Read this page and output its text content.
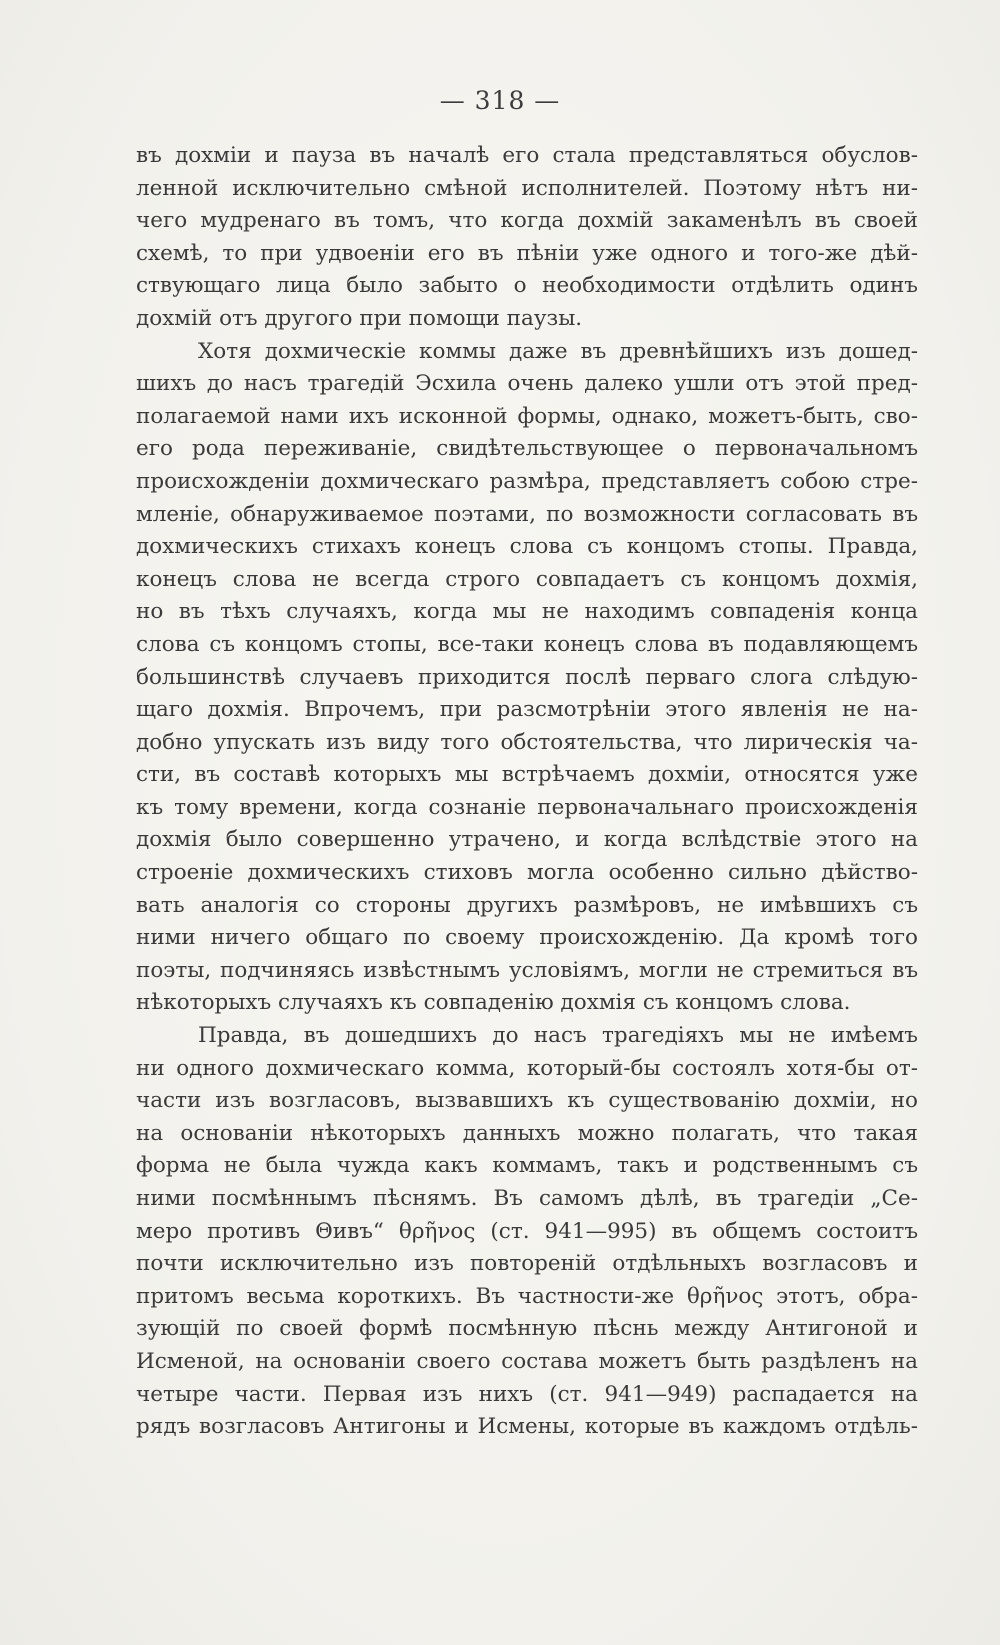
— 318 —
въ дохміи и пауза въ началѣ его стала представляться обуслов-
ленной исключительно смѣной исполнителей. Поэтому нѣтъ ни-
чего мудренаго въ томъ, что когда дохмій закаменѣлъ въ своей
схемѣ, то при удвоеніи его въ пѣніи уже одного и того-же дѣй-
ствующаго лица было забыто о необходимости отдѣлить одинъ
дохмій отъ другого при помощи паузы.
Хотя дохмическіе коммы даже въ древнѣйшихъ изъ дошед-
шихъ до насъ трагедій Эсхила очень далеко ушли отъ этой пред-
полагаемой нами ихъ исконной формы, однако, можетъ-быть, сво-
его рода переживаніе, свидѣтельствующее о первоначальномъ
происхожденіи дохмическаго размѣра, представляетъ собою стре-
мленіе, обнаруживаемое поэтами, по возможности согласовать въ
дохмическихъ стихахъ конецъ слова съ концомъ стопы. Правда,
конецъ слова не всегда строго совпадаетъ съ концомъ дохмія,
но въ тѣхъ случаяхъ, когда мы не находимъ совпаденія конца
слова съ концомъ стопы, все-таки конецъ слова въ подавляющемъ
большинствѣ случаевъ приходится послѣ перваго слога слѣдую-
щаго дохмія. Впрочемъ, при разсмотрѣніи этого явленія не на-
добно упускать изъ виду того обстоятельства, что лирическія ча-
сти, въ составѣ которыхъ мы встрѣчаемъ дохміи, относятся уже
къ тому времени, когда сознаніе первоначальнаго происхожденія
дохмія было совершенно утрачено, и когда вслѣдствіе этого на
строеніе дохмическихъ стиховъ могла особенно сильно дѣйство-
вать аналогія со стороны другихъ размѣровъ, не имѣвшихъ съ
ними ничего общаго по своему происхожденію. Да кромѣ того
поэты, подчиняясь извѣстнымъ условіямъ, могли не стремиться въ
нѣкоторыхъ случаяхъ къ совпаденію дохмія съ концомъ слова.
Правда, въ дошедшихъ до насъ трагедіяхъ мы не имѣемъ
ни одного дохмическаго комма, который-бы состоялъ хотя-бы от-
части изъ возгласовъ, вызвавшихъ къ существованію дохміи, но
на основаніи нѣкоторыхъ данныхъ можно полагать, что такая
форма не была чужда какъ коммамъ, такъ и родственнымъ съ
ними посмѣннымъ пѣснямъ. Въ самомъ дѣлѣ, въ трагедіи „Се-
меро противъ Θивъ“ θρῆνος (ст. 941—995) въ общемъ состоитъ
почти исключительно изъ повтореній отдѣльныхъ возгласовъ и
притомъ весьма короткихъ. Въ частности-же θρῆνος этотъ, обра-
зующій по своей формѣ посмѣнную пѣснь между Антигоной и
Исменой, на основаніи своего состава можетъ быть раздѣленъ на
четыре части. Первая изъ нихъ (ст. 941—949) распадается на
рядъ возгласовъ Антигоны и Исмены, которые въ каждомъ отдѣль-
